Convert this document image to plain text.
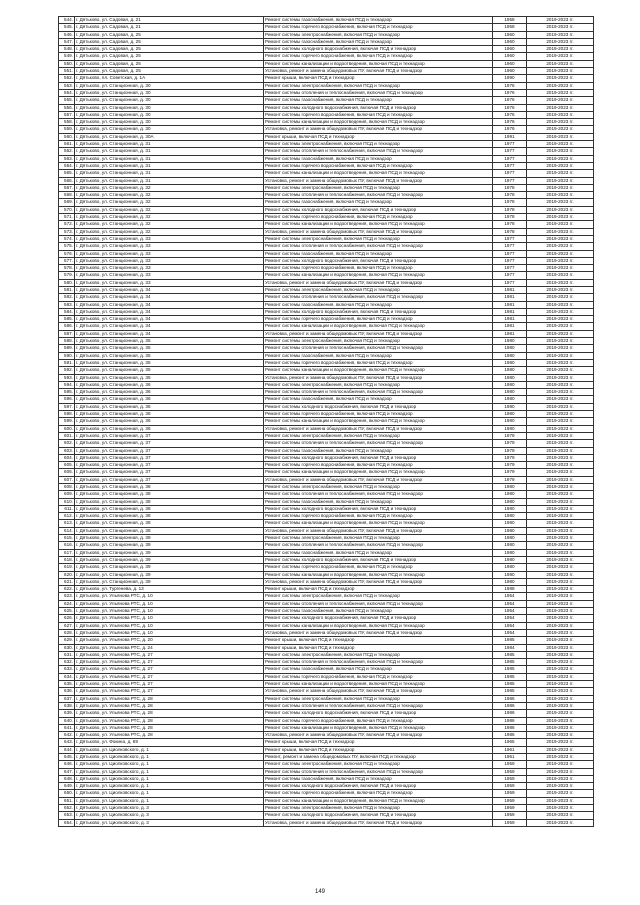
544.	г. Дятьково, ул. Садовая, д. 21	Ремонт системы газоснабжения, включая ПСД и технадзор	1958	2019-2023 гг.
545.	г. Дятьково, ул. Садовая, д. 21	Ремонт системы горячего водоснабжения, включая ПСД и технадзор	1958	2019-2023 гг.
546.	г. Дятьково, ул. Садовая, д. 25	Ремонт системы электроснабжения, включая ПСД и технадзор	1960	2019-2023 гг.
547.	г. Дятьково, ул. Садовая, д. 25	Ремонт системы газоснабжения, включая ПСД и технадзор	1960	2019-2023 гг.
548.	г. Дятьково, ул. Садовая, д. 25	Ремонт системы холодного водоснабжения, включая ПСД и технадзор	1960	2019-2023 гг.
549.	г. Дятьково, ул. Садовая, д. 25	Ремонт системы горячего водоснабжения, включая ПСД и технадзор	1960	2019-2023 гг.
550.	г. Дятьково, ул. Садовая, д. 25	Ремонт системы канализации и водоотведения, включая ПСД и технадзор	1960	2019-2023 гг.
551.	г. Дятьково, ул. Садовая, д. 25	Установка, ремонт и замена общедомовых ПУ, включая ПСД и технадзор	1960	2019-2023 гг.
552.	г. Дятьково, пл. Советская, д. 1А	Ремонт крыши, включая ПСД и технадзор	1990	2019-2023 гг.
553.	г. Дятьково, ул. Станционная, д. 30	Ремонт системы электроснабжения, включая ПСД и технадзор	1976	2019-2023 гг.
554.	г. Дятьково, ул. Станционная, д. 30	Ремонт системы отопления и теплоснабжения, включая ПСД и технадзор	1976	2019-2023 гг.
555.	г. Дятьково, ул. Станционная, д. 30	Ремонт системы газоснабжения, включая ПСД и технадзор	1976	2019-2023 гг.
556.	г. Дятьково, ул. Станционная, д. 30	Ремонт системы холодного водоснабжения, включая ПСД и технадзор	1976	2019-2023 гг.
557.	г. Дятьково, ул. Станционная, д. 30	Ремонт системы горячего водоснабжения, включая ПСД и технадзор	1976	2019-2023 гг.
558.	г. Дятьково, ул. Станционная, д. 30	Ремонт системы канализации и водоотведения, включая ПСД и технадзор	1976	2019-2023 гг.
559.	г. Дятьково, ул. Станционная, д. 30	Установка, ремонт и замена общедомовых ПУ, включая ПСД и технадзор	1976	2019-2023 гг.
560.	г. Дятьково, ул. Станционная, д. 30А	Ремонт крыши, включая ПСД и технадзор	1991	2019-2023 гг.
561.	г. Дятьково, ул. Станционная, д. 31	Ремонт системы электроснабжения, включая ПСД и технадзор	1977	2019-2023 гг.
562.	г. Дятьково, ул. Станционная, д. 31	Ремонт системы отопления и теплоснабжения, включая ПСД и технадзор	1977	2019-2023 гг.
563.	г. Дятьково, ул. Станционная, д. 31	Ремонт системы газоснабжения, включая ПСД и технадзор	1977	2019-2023 гг.
564.	г. Дятьково, ул. Станционная, д. 31	Ремонт системы горячего водоснабжения, включая ПСД и технадзор	1977	2019-2023 гг.
565.	г. Дятьково, ул. Станционная, д. 31	Ремонт системы канализации и водоотведения, включая ПСД и технадзор	1977	2019-2023 гг.
566.	г. Дятьково, ул. Станционная, д. 31	Установка, ремонт и замена общедомовых ПУ, включая ПСД и технадзор	1977	2019-2023 гг.
567.	г. Дятьково, ул. Станционная, д. 32	Ремонт системы электроснабжения, включая ПСД и технадзор	1978	2019-2023 гг.
568.	г. Дятьково, ул. Станционная, д. 32	Ремонт системы отопления и теплоснабжения, включая ПСД и технадзор	1978	2019-2023 гг.
569.	г. Дятьково, ул. Станционная, д. 32	Ремонт системы газоснабжения, включая ПСД и технадзор	1978	2019-2023 гг.
570.	г. Дятьково, ул. Станционная, д. 32	Ремонт системы холодного водоснабжения, включая ПСД и технадзор	1978	2019-2023 гг.
571.	г. Дятьково, ул. Станционная, д. 32	Ремонт системы горячего водоснабжения, включая ПСД и технадзор	1978	2019-2023 гг.
572.	г. Дятьково, ул. Станционная, д. 32	Ремонт системы канализации и водоотведения, включая ПСД и технадзор	1978	2019-2023 гг.
573.	г. Дятьково, ул. Станционная, д. 32	Установка, ремонт и замена общедомовых ПУ, включая ПСД и технадзор	1978	2019-2023 гг.
574.	г. Дятьково, ул. Станционная, д. 33	Ремонт системы электроснабжения, включая ПСД и технадзор	1977	2019-2023 гг.
575.	г. Дятьково, ул. Станционная, д. 33	Ремонт системы отопления и теплоснабжения, включая ПСД и технадзор	1977	2019-2023 гг.
576.	г. Дятьково, ул. Станционная, д. 33	Ремонт системы газоснабжения, включая ПСД и технадзор	1977	2019-2023 гг.
577.	г. Дятьково, ул. Станционная, д. 33	Ремонт системы холодного водоснабжения, включая ПСД и технадзор	1977	2019-2023 гг.
578.	г. Дятьково, ул. Станционная, д. 33	Ремонт системы горячего водоснабжения, включая ПСД и технадзор	1977	2019-2023 гг.
579.	г. Дятьково, ул. Станционная, д. 33	Ремонт системы канализации и водоотведения, включая ПСД и технадзор	1977	2019-2023 гг.
580.	г. Дятьково, ул. Станционная, д. 33	Установка, ремонт и замена общедомовых ПУ, включая ПСД и технадзор	1977	2019-2023 гг.
581.	г. Дятьково, ул. Станционная, д. 34	Ремонт системы электроснабжения, включая ПСД и технадзор	1981	2019-2023 гг.
582.	г. Дятьково, ул. Станционная, д. 34	Ремонт системы отопления и теплоснабжения, включая ПСД и технадзор	1981	2019-2023 гг.
583.	г. Дятьково, ул. Станционная, д. 34	Ремонт системы газоснабжения, включая ПСД и технадзор	1981	2019-2023 гг.
584.	г. Дятьково, ул. Станционная, д. 34	Ремонт системы холодного водоснабжения, включая ПСД и технадзор	1981	2019-2023 гг.
585.	г. Дятьково, ул. Станционная, д. 34	Ремонт системы горячего водоснабжения, включая ПСД и технадзор	1981	2019-2023 гг.
586.	г. Дятьково, ул. Станционная, д. 34	Ремонт системы канализации и водоотведения, включая ПСД и технадзор	1981	2019-2023 гг.
587.	г. Дятьково, ул. Станционная, д. 34	Установка, ремонт и замена общедомовых ПУ, включая ПСД и технадзор	1981	2019-2023 гг.
588.	г. Дятьково, ул. Станционная, д. 35	Ремонт системы электроснабжения, включая ПСД и технадзор	1980	2019-2023 гг.
589.	г. Дятьково, ул. Станционная, д. 35	Ремонт системы отопления и теплоснабжения, включая ПСД и технадзор	1980	2019-2023 гг.
590.	г. Дятьково, ул. Станционная, д. 35	Ремонт системы газоснабжения, включая ПСД и технадзор	1980	2019-2023 гг.
591.	г. Дятьково, ул. Станционная, д. 35	Ремонт системы горячего водоснабжения, включая ПСД и технадзор	1980	2019-2023 гг.
592.	г. Дятьково, ул. Станционная, д. 35	Ремонт системы канализации и водоотведения, включая ПСД и технадзор	1980	2019-2023 гг.
593.	г. Дятьково, ул. Станционная, д. 35	Установка, ремонт и замена общедомовых ПУ, включая ПСД и технадзор	1980	2019-2023 гг.
594.	г. Дятьково, ул. Станционная, д. 36	Ремонт системы электроснабжения, включая ПСД и технадзор	1980	2019-2023 гг.
595.	г. Дятьково, ул. Станционная, д. 36	Ремонт системы отопления и теплоснабжения, включая ПСД и технадзор	1980	2019-2023 гг.
596.	г. Дятьково, ул. Станционная, д. 36	Ремонт системы газоснабжения, включая ПСД и технадзор	1980	2019-2023 гг.
597.	г. Дятьково, ул. Станционная, д. 36	Ремонт системы холодного водоснабжения, включая ПСД и технадзор	1980	2019-2023 гг.
598.	г. Дятьково, ул. Станционная, д. 36	Ремонт системы горячего водоснабжения, включая ПСД и технадзор	1980	2019-2023 гг.
599.	г. Дятьково, ул. Станционная, д. 36	Ремонт системы канализации и водоотведения, включая ПСД и технадзор	1980	2019-2023 гг.
600.	г. Дятьково, ул. Станционная, д. 36	Установка, ремонт и замена общедомовых ПУ, включая ПСД и технадзор	1980	2019-2023 гг.
601.	г. Дятьково, ул. Станционная, д. 37	Ремонт системы электроснабжения, включая ПСД и технадзор	1979	2019-2023 гг.
602.	г. Дятьково, ул. Станционная, д. 37	Ремонт системы отопления и теплоснабжения, включая ПСД и технадзор	1979	2019-2023 гг.
603.	г. Дятьково, ул. Станционная, д. 37	Ремонт системы газоснабжения, включая ПСД и технадзор	1979	2019-2023 гг.
604.	г. Дятьково, ул. Станционная, д. 37	Ремонт системы холодного водоснабжения, включая ПСД и технадзор	1979	2019-2023 гг.
605.	г. Дятьково, ул. Станционная, д. 37	Ремонт системы горячего водоснабжения, включая ПСД и технадзор	1979	2019-2023 гг.
606.	г. Дятьково, ул. Станционная, д. 37	Ремонт системы канализации и водоотведения, включая ПСД и технадзор	1979	2019-2023 гг.
607.	г. Дятьково, ул. Станционная, д. 37	Установка, ремонт и замена общедомовых ПУ, включая ПСД и технадзор	1979	2019-2023 гг.
608.	г. Дятьково, ул. Станционная, д. 38	Ремонт системы электроснабжения, включая ПСД и технадзор	1980	2019-2023 гг.
609.	г. Дятьково, ул. Станционная, д. 38	Ремонт системы отопления и теплоснабжения, включая ПСД и технадзор	1980	2019-2023 гг.
610.	г. Дятьково, ул. Станционная, д. 38	Ремонт системы газоснабжения, включая ПСД и технадзор	1980	2019-2023 гг.
611.	г. Дятьково, ул. Станционная, д. 38	Ремонт системы холодного водоснабжения, включая ПСД и технадзор	1980	2019-2023 гг.
612.	г. Дятьково, ул. Станционная, д. 38	Ремонт системы горячего водоснабжения, включая ПСД и технадзор	1980	2019-2023 гг.
613.	г. Дятьково, ул. Станционная, д. 38	Ремонт системы канализации и водоотведения, включая ПСД и технадзор	1980	2019-2023 гг.
614.	г. Дятьково, ул. Станционная, д. 38	Установка, ремонт и замена общедомовых ПУ, включая ПСД и технадзор	1980	2019-2023 гг.
615.	г. Дятьково, ул. Станционная, д. 39	Ремонт системы электроснабжения, включая ПСД и технадзор	1980	2019-2023 гг.
616.	г. Дятьково, ул. Станционная, д. 39	Ремонт системы отопления и теплоснабжения, включая ПСД и технадзор	1980	2019-2023 гг.
617.	г. Дятьково, ул. Станционная, д. 39	Ремонт системы газоснабжения, включая ПСД и технадзор	1980	2019-2023 гг.
618.	г. Дятьково, ул. Станционная, д. 39	Ремонт системы холодного водоснабжения, включая ПСД и технадзор	1980	2019-2023 гг.
619.	г. Дятьково, ул. Станционная, д. 39	Ремонт системы горячего водоснабжения, включая ПСД и технадзор	1980	2019-2023 гг.
620.	г. Дятьково, ул. Станционная, д. 39	Ремонт системы канализации и водоотведения, включая ПСД и технадзор	1980	2019-2023 гг.
621.	г. Дятьково, ул. Станционная, д. 39	Установка, ремонт и замена общедомовых ПУ, включая ПСД и технадзор	1980	2019-2023 гг.
622.	г. Дятьково, ул. Тургенева, д. 13	Ремонт крыши, включая ПСД и технадзор	1988	2019-2023 гг.
623.	г. Дятьково, ул. Ульянова РТС, д. 10	Ремонт системы электроснабжения, включая ПСД и технадзор	1954	2019-2023 гг.
624.	г. Дятьково, ул. Ульянова РТС, д. 10	Ремонт системы отопления и теплоснабжения, включая ПСД и технадзор	1954	2019-2023 гг.
625.	г. Дятьково, ул. Ульянова РТС, д. 10	Ремонт системы газоснабжения, включая ПСД и технадзор	1954	2019-2023 гг.
626.	г. Дятьково, ул. Ульянова РТС, д. 10	Ремонт системы холодного водоснабжения, включая ПСД и технадзор	1954	2019-2023 гг.
627.	г. Дятьково, ул. Ульянова РТС, д. 10	Ремонт системы канализации и водоотведения, включая ПСД и технадзор	1954	2019-2023 гг.
628.	г. Дятьково, ул. Ульянова РТС, д. 10	Установка, ремонт и замена общедомовых ПУ, включая ПСД и технадзор	1954	2019-2023 гг.
629.	г. Дятьково, ул. Ульянова РТС, д. 20	Ремонт крыши, включая ПСД и технадзор	1985	2019-2023 гг.
630.	г. Дятьково, ул. Ульянова РТС, д. 24	Ремонт крыши, включая ПСД и технадзор	1984	2019-2023 гг.
631.	г. Дятьково, ул. Ульянова РТС, д. 27	Ремонт системы электроснабжения, включая ПСД и технадзор	1985	2019-2023 гг.
632.	г. Дятьково, ул. Ульянова РТС, д. 27	Ремонт системы отопления и теплоснабжения, включая ПСД и технадзор	1985	2019-2023 гг.
633.	г. Дятьково, ул. Ульянова РТС, д. 27	Ремонт системы газоснабжения, включая ПСД и технадзор	1985	2019-2023 гг.
634.	г. Дятьково, ул. Ульянова РТС, д. 27	Ремонт системы горячего водоснабжения, включая ПСД и технадзор	1985	2019-2023 гг.
635.	г. Дятьково, ул. Ульянова РТС, д. 27	Ремонт системы канализации и водоотведения, включая ПСД и технадзор	1985	2019-2023 гг.
636.	г. Дятьково, ул. Ульянова РТС, д. 27	Установка, ремонт и замена общедомовых ПУ, включая ПСД и технадзор	1985	2019-2023 гг.
637.	г. Дятьково, ул. Ульянова РТС, д. 28	Ремонт системы электроснабжения, включая ПСД и технадзор	1986	2019-2023 гг.
638.	г. Дятьково, ул. Ульянова РТС, д. 28	Ремонт системы отопления и теплоснабжения, включая ПСД и технадзор	1986	2019-2023 гг.
639.	г. Дятьково, ул. Ульянова РТС, д. 28	Ремонт системы холодного водоснабжения, включая ПСД и технадзор	1986	2019-2023 гг.
640.	г. Дятьково, ул. Ульянова РТС, д. 28	Ремонт системы горячего водоснабжения, включая ПСД и технадзор	1986	2019-2023 гг.
641.	г. Дятьково, ул. Ульянова РТС, д. 28	Ремонт системы канализации и водоотведения, включая ПСД и технадзор	1986	2019-2023 гг.
642.	г. Дятьково, ул. Ульянова РТС, д. 28	Установка, ремонт и замена общедомовых ПУ, включая ПСД и технадзор	1986	2019-2023 гг.
643.	г. Дятьково, ул. Фокина, д. 69	Ремонт крыши, включая ПСД и технадзор	1965	2019-2023 гг.
644.	г. Дятьково, ул. Циолковского, д. 1	Ремонт крыши, включая ПСД и технадзор	1961	2019-2023 гг.
645.	г. Дятьково, ул. Циолковского, д. 1	Ремонт, ремонт и замена общедомовых ПУ, включая ПСД и технадзор	1961	2019-2023 гг.
646.	г. Дятьково, ул. Циолковского, д. 1	Ремонт системы электроснабжения, включая ПСД и технадзор	1959	2019-2023 гг.
647.	г. Дятьково, ул. Циолковского, д. 1	Ремонт системы отопления и теплоснабжения, включая ПСД и технадзор	1959	2019-2023 гг.
648.	г. Дятьково, ул. Циолковского, д. 1	Ремонт системы газоснабжения, включая ПСД и технадзор	1959	2019-2023 гг.
649.	г. Дятьково, ул. Циолковского, д. 1	Ремонт системы холодного водоснабжения, включая ПСД и технадзор	1959	2019-2023 гг.
650.	г. Дятьково, ул. Циолковского, д. 1	Ремонт системы горячего водоснабжения, включая ПСД и технадзор	1959	2019-2023 гг.
651.	г. Дятьково, ул. Циолковского, д. 1	Ремонт системы канализации и водоотведения, включая ПСД и технадзор	1959	2019-2023 гг.
652.	г. Дятьково, ул. Циолковского, д. 3	Ремонт системы электроснабжения, включая ПСД и технадзор	1959	2019-2023 гг.
653.	г. Дятьково, ул. Циолковского, д. 3	Ремонт системы холодного водоснабжения, включая ПСД и технадзор	1959	2019-2023 гг.
654.	г. Дятьково, ул. Циолковского, д. 3	Установка, ремонт и замена общедомовых ПУ, включая ПСД и технадзор	1959	2019-2023 гг.
149
